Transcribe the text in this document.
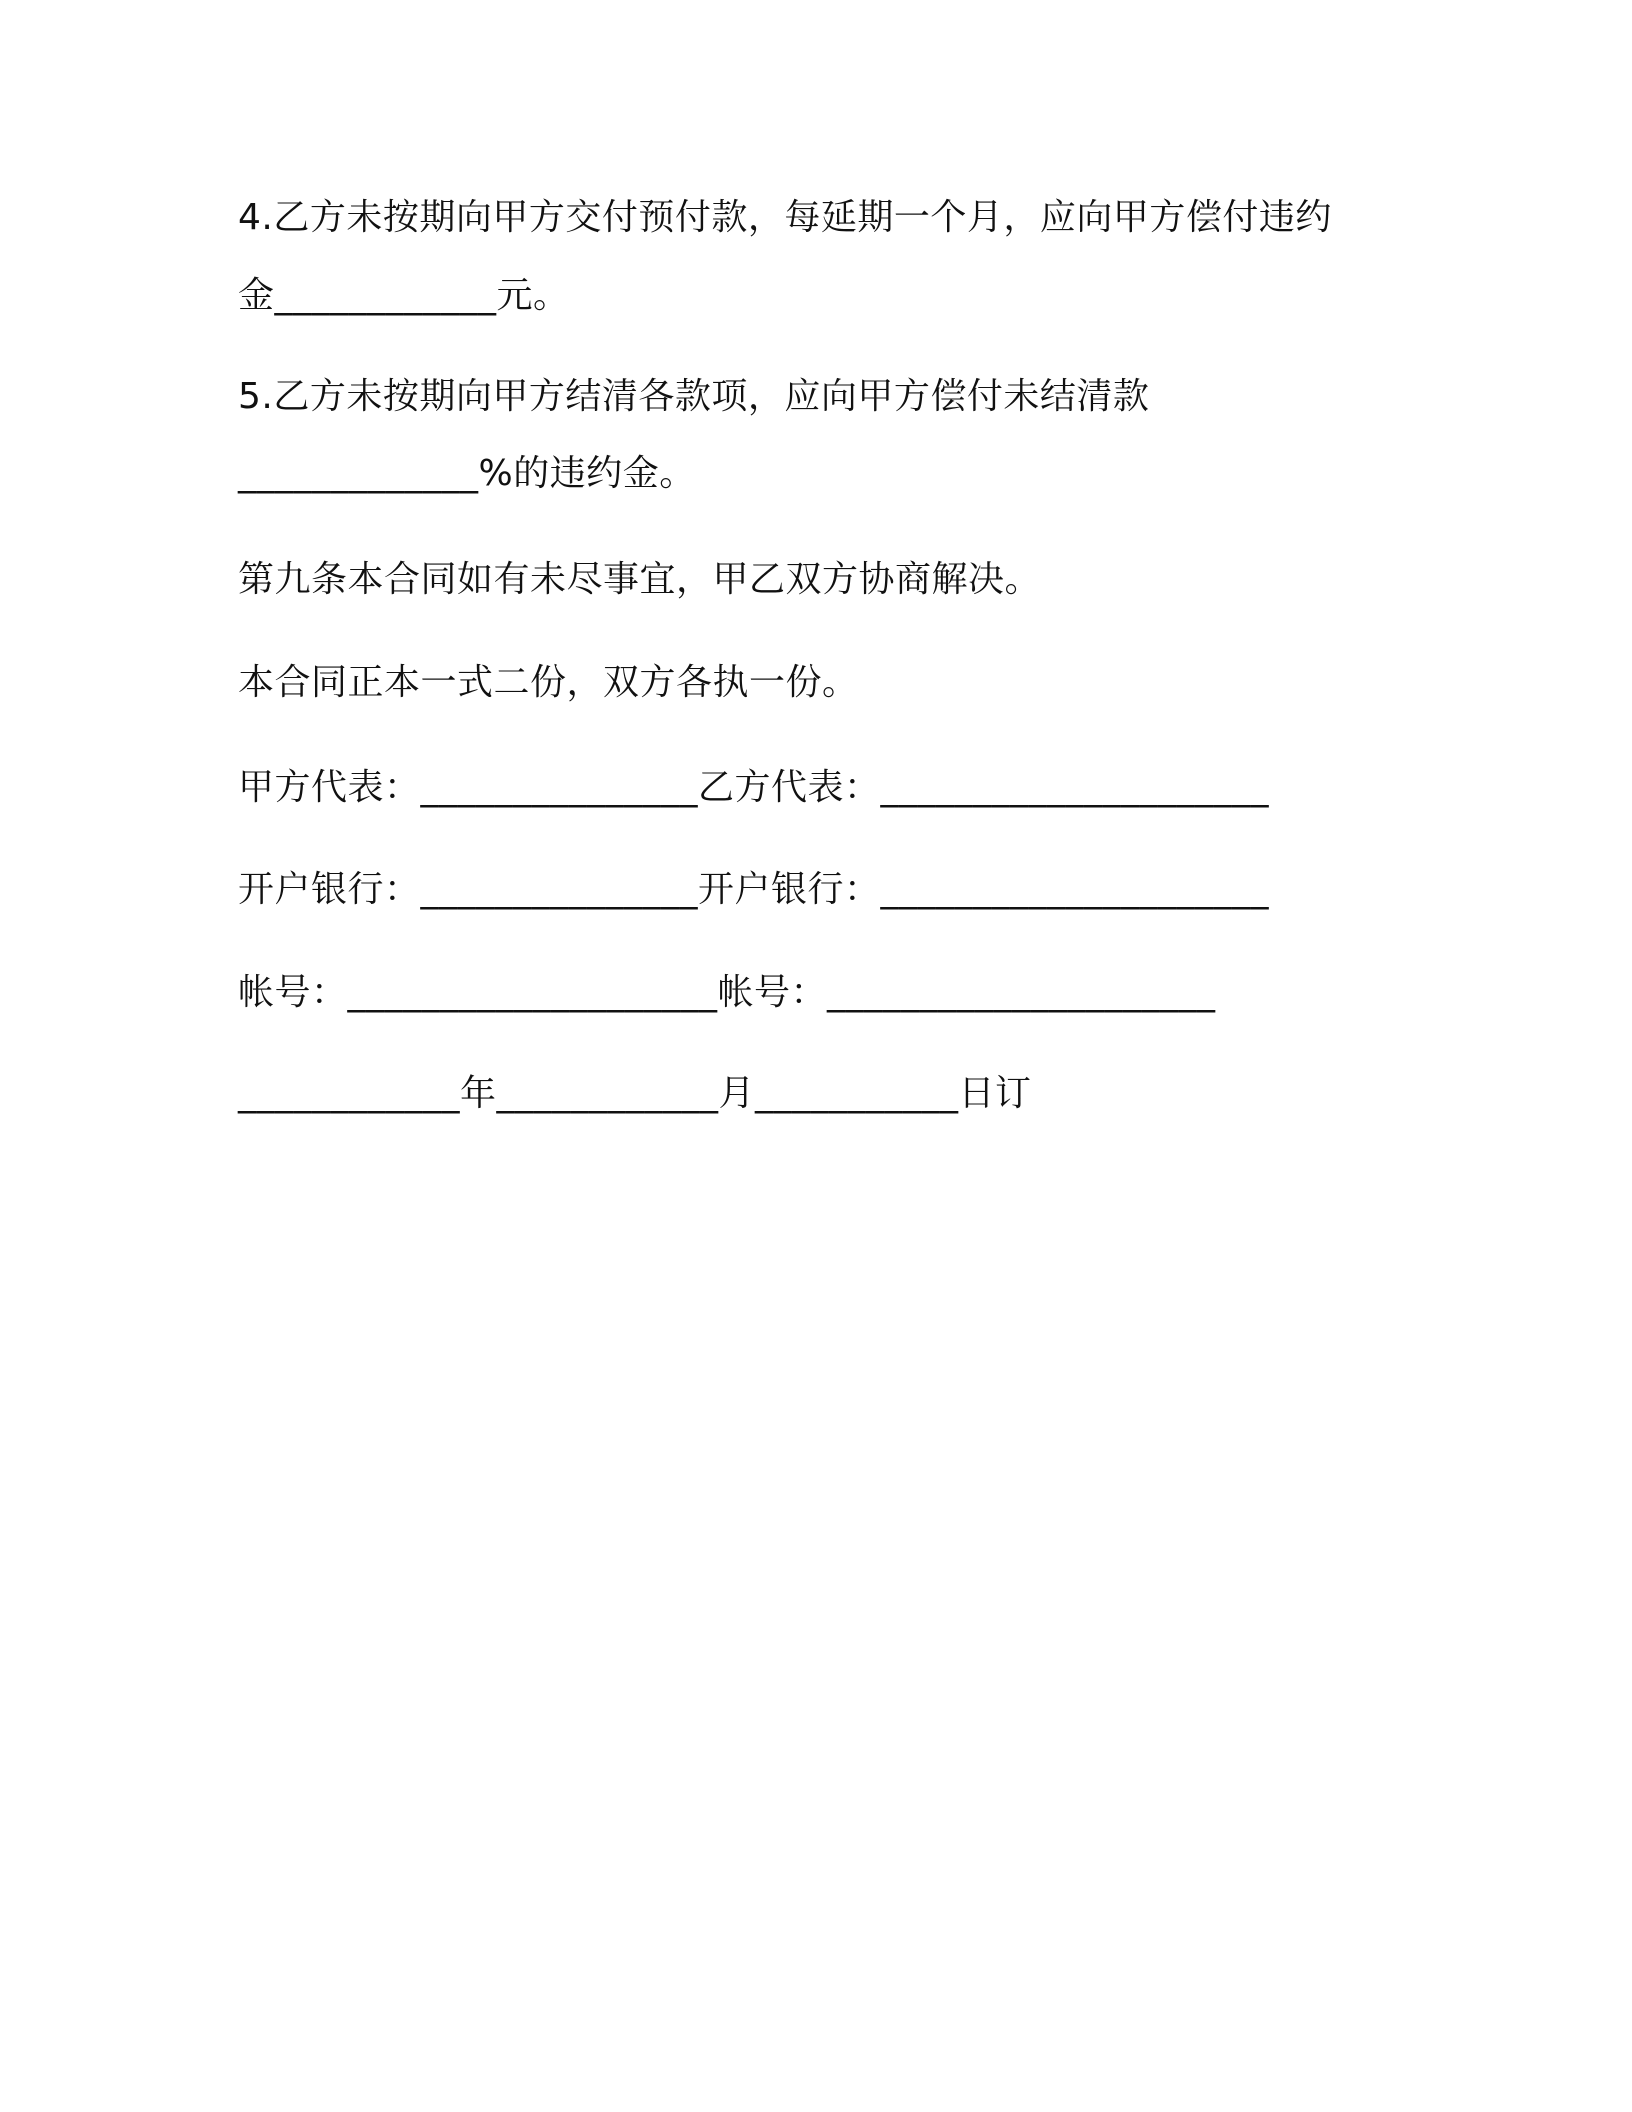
4.乙方未按期向甲方交付预付款，每延期一个月，应向甲方偿付违约
金____________元。
5.乙方未按期向甲方结清各款项，应向甲方偿付未结清款
_____________%的违约金。
第九条本合同如有未尽事宜，甲乙双方协商解决。
本合同正本一式二份，双方各执一份。
甲方代表：_______________乙方代表：_____________________
开户银行：_______________开户银行：_____________________
帐号：____________________帐号：_____________________
____________年____________月___________日订
